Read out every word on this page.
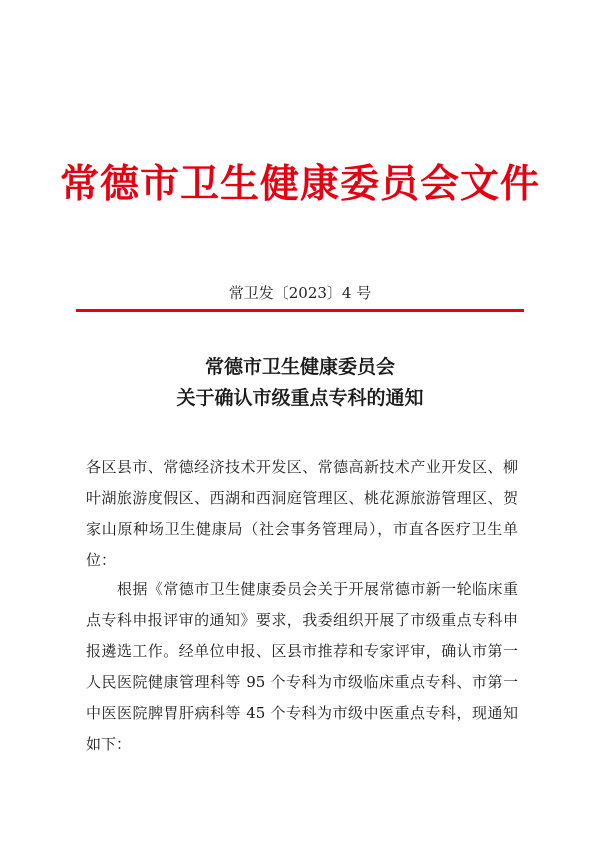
常德市卫生健康委员会文件
常卫发〔2023〕4 号
常德市卫生健康委员会
关于确认市级重点专科的通知
各区县市、常德经济技术开发区、常德高新技术产业开发区、柳
叶湖旅游度假区、西湖和西洞庭管理区、桃花源旅游管理区、贺
家山原种场卫生健康局（社会事务管理局），市直各医疗卫生单
位：
根据《常德市卫生健康委员会关于开展常德市新一轮临床重
点专科申报评审的通知》要求，我委组织开展了市级重点专科申
报遴选工作。经单位申报、区县市推荐和专家评审，确认市第一
人民医院健康管理科等 95 个专科为市级临床重点专科、市第一
中医医院脾胃肝病科等 45 个专科为市级中医重点专科，现通知
如下：
